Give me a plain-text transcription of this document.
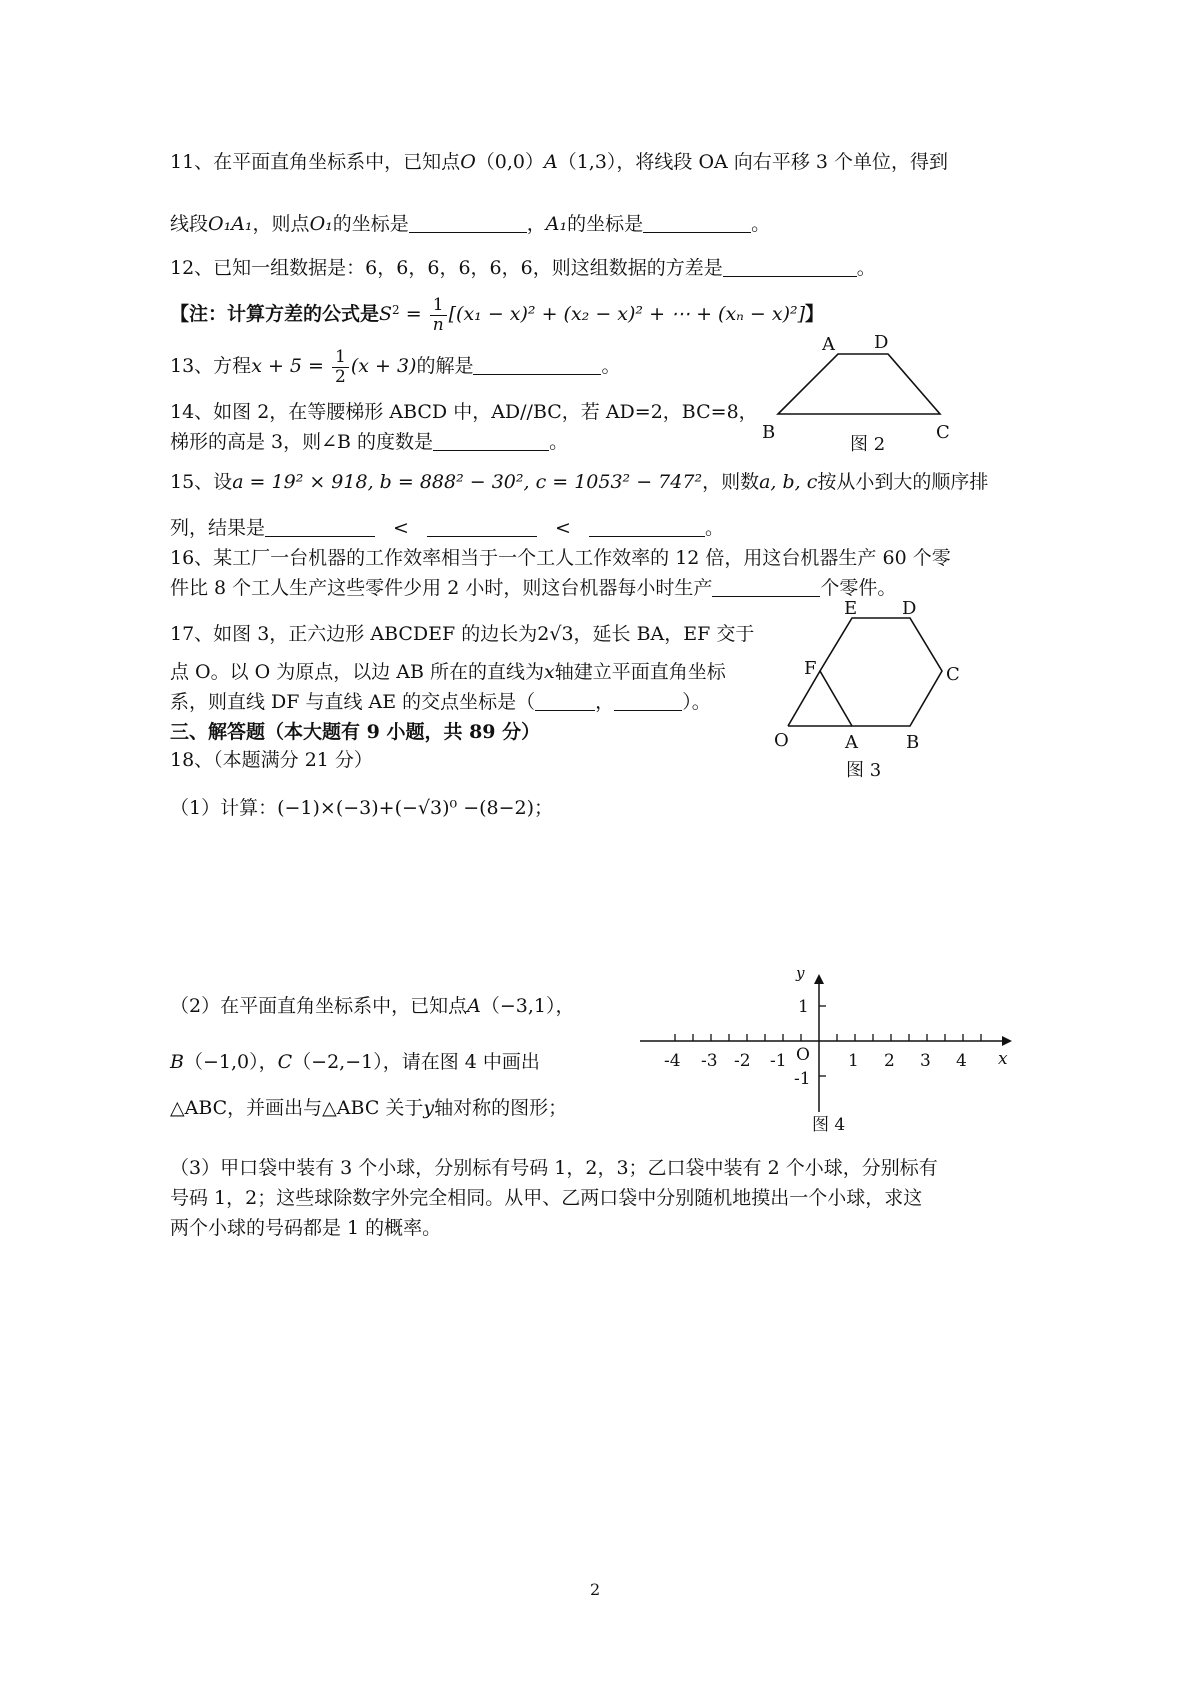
11、在平面直角坐标系中，已知点O（0,0）A（1,3），将线段 OA 向右平移 3 个单位，得到
线段O₁A₁，则点O₁的坐标是	，A₁的坐标是	。
12、已知一组数据是：6，6，6，6，6，6，则这组数据的方差是	。
【注：计算方差的公式是$S^2 = \frac{1}{n} [(x_1 - x)^2 + (x_2 - x)^2$ + ⋯ + (xₙ − x)²]】
13、方程$x + 5 = \frac{1}{2} (x + 3)$的解是	。
14、如图 2，在等腰梯形 ABCD 中，AD//BC，若 AD=2，BC=8，
梯形的高是 3，则∠B 的度数是	。
A D
B	C
图 2
15、设a = 19² × 918, b = 888² − 30², c = 1053² − 747²，则数a, b, c按从小到大的顺序排
列，结果是	<	<	。
16、某工厂一台机器的工作效率相当于一个工人工作效率的 12 倍，用这台机器生产 60 个零
件比 8 个工人生产这些零件少用 2 小时，则这台机器每小时生产	个零件。
17、如图 3，正六边形 ABCDEF 的边长为2√3，延长 BA，EF 交于
点 O。以 O 为原点，以边 AB 所在的直线为x轴建立平面直角坐标
系，则直线 DF 与直线 AE 的交点坐标是（	，	）。
E D
F	C
O	A	B
图 3
三、解答题（本大题有 9 小题，共 89 分）
18、（本题满分 21 分）
（1）计算：(−1)×(−3)+(−√3)⁰ −(8−2)；
（2）在平面直角坐标系中，已知点A（−3,1），
B（−1,0），C（−2,−1），请在图 4 中画出
△ABC，并画出与△ABC 关于y轴对称的图形；
y
x
1
-1
O
-4 -3 -2 -1	1 2 3 4
图 4
（3）甲口袋中装有 3 个小球，分别标有号码 1，2，3；乙口袋中装有 2 个小球，分别标有
号码 1，2；这些球除数字外完全相同。从甲、乙两口袋中分别随机地摸出一个小球，求这
两个小球的号码都是 1 的概率。
2
